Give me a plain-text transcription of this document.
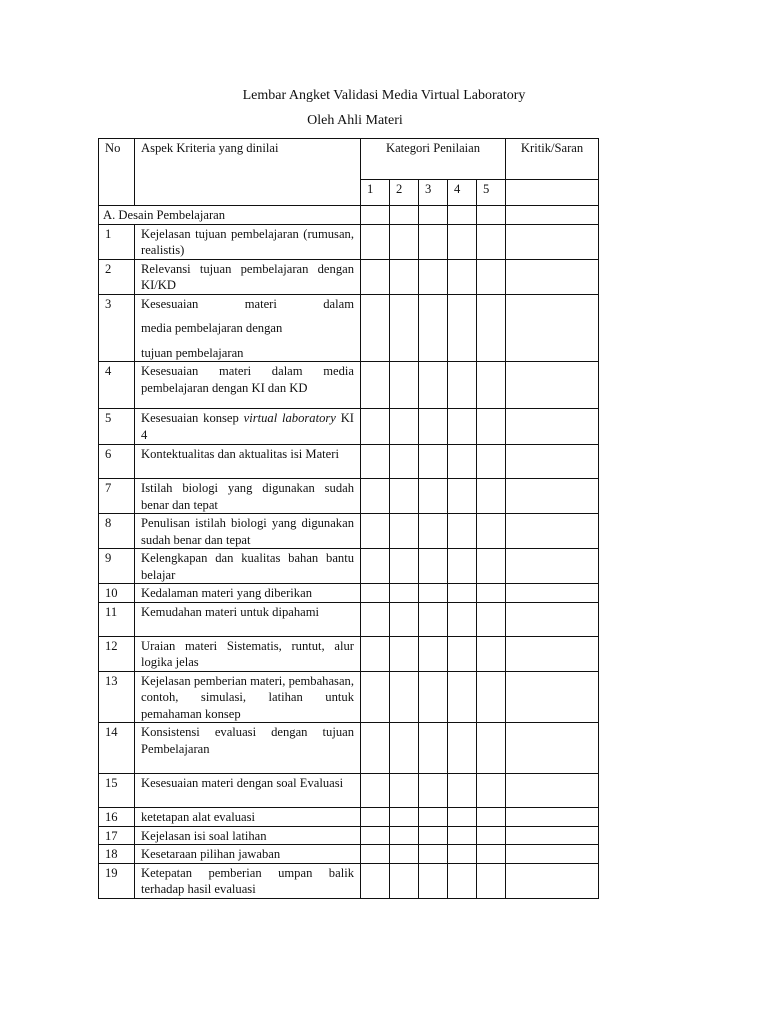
Lembar Angket Validasi Media Virtual Laboratory
Oleh Ahli Materi
No	Aspek Kriteria yang dinilai	Kategori Penilaian					Kritik/Saran
		1	2	3	4	5	
A. Desain Pembelajaran							
1	Kejelasan tujuan pembelajaran (rumusan, realistis)						
2	Relevansi tujuan pembelajaran dengan KI/KD						
3	Kesesuaian materi dalam
media pembelajaran dengan
tujuan pembelajaran						

4	Kesesuaian materi dalam media pembelajaran dengan KI dan KD						
5	Kesesuaian konsep virtual laboratory KI 4						
6	Kontektualitas dan aktualitas isi Materi						
7	Istilah biologi yang digunakan sudah benar dan tepat						
8	Penulisan istilah biologi yang digunakan sudah benar dan tepat						
9	Kelengkapan dan kualitas bahan bantu belajar						
10	Kedalaman materi yang diberikan						
11	Kemudahan materi untuk dipahami						
12	Uraian materi Sistematis, runtut, alur logika jelas						
13	Kejelasan pemberian materi, pembahasan, contoh, simulasi, latihan untuk pemahaman konsep						
14	Konsistensi evaluasi dengan tujuan
Pembelajaran						

15	Kesesuaian materi dengan soal Evaluasi						
16	ketetapan alat evaluasi						
17	Kejelasan isi soal latihan						
18	Kesetaraan pilihan jawaban						
19	Ketepatan pemberian umpan balik terhadap hasil evaluasi						
